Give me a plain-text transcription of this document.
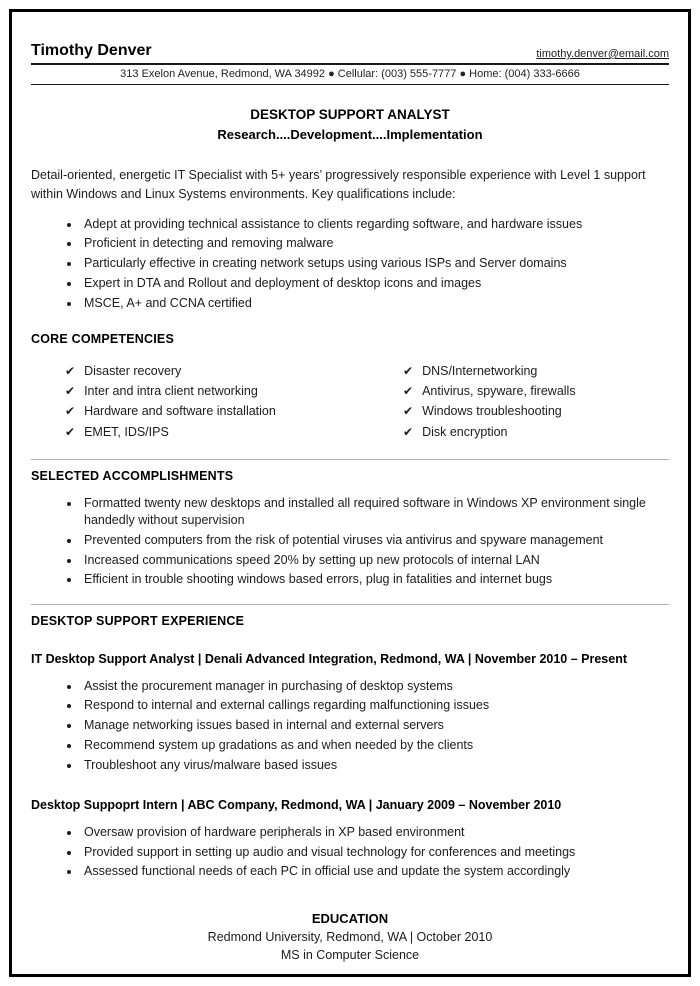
Timothy Denver	timothy.denver@email.com
313 Exelon Avenue, Redmond, WA 34992 ● Cellular: (003) 555-7777 ● Home: (004) 333-6666
DESKTOP SUPPORT ANALYST
Research....Development....Implementation

Detail-oriented, energetic IT Specialist with 5+ years’ progressively responsible experience with Level 1 support within Windows and Linux Systems environments. Key qualifications include:

• Adept at providing technical assistance to clients regarding software, and hardware issues
• Proficient in detecting and removing malware
• Particularly effective in creating network setups using various ISPs and Server domains
• Expert in DTA and Rollout and deployment of desktop icons and images
• MSCE, A+ and CCNA certified
CORE COMPETENCIES
✔ Disaster recovery
✔ Inter and intra client networking
✔ Hardware and software installation
✔ EMET, IDS/IPS
✔ DNS/Internetworking
✔ Antivirus, spyware, firewalls
✔ Windows troubleshooting
✔ Disk encryption
SELECTED ACCOMPLISHMENTS
• Formatted twenty new desktops and installed all required software in Windows XP environment single handedly without supervision
• Prevented computers from the risk of potential viruses via antivirus and spyware management
• Increased communications speed 20% by setting up new protocols of internal LAN
• Efficient in trouble shooting windows based errors, plug in fatalities and internet bugs
DESKTOP SUPPORT EXPERIENCE
IT Desktop Support Analyst | Denali Advanced Integration, Redmond, WA | November 2010 – Present
• Assist the procurement manager in purchasing of desktop systems
• Respond to internal and external callings regarding malfunctioning issues
• Manage networking issues based in internal and external servers
• Recommend system up gradations as and when needed by the clients
• Troubleshoot any virus/malware based issues
Desktop Suppoprt Intern | ABC Company, Redmond, WA | January 2009 – November 2010
• Oversaw provision of hardware peripherals in XP based environment
• Provided support in setting up audio and visual technology for conferences and meetings
• Assessed functional needs of each PC in official use and update the system accordingly
EDUCATION
Redmond University, Redmond, WA | October 2010
MS in Computer Science
